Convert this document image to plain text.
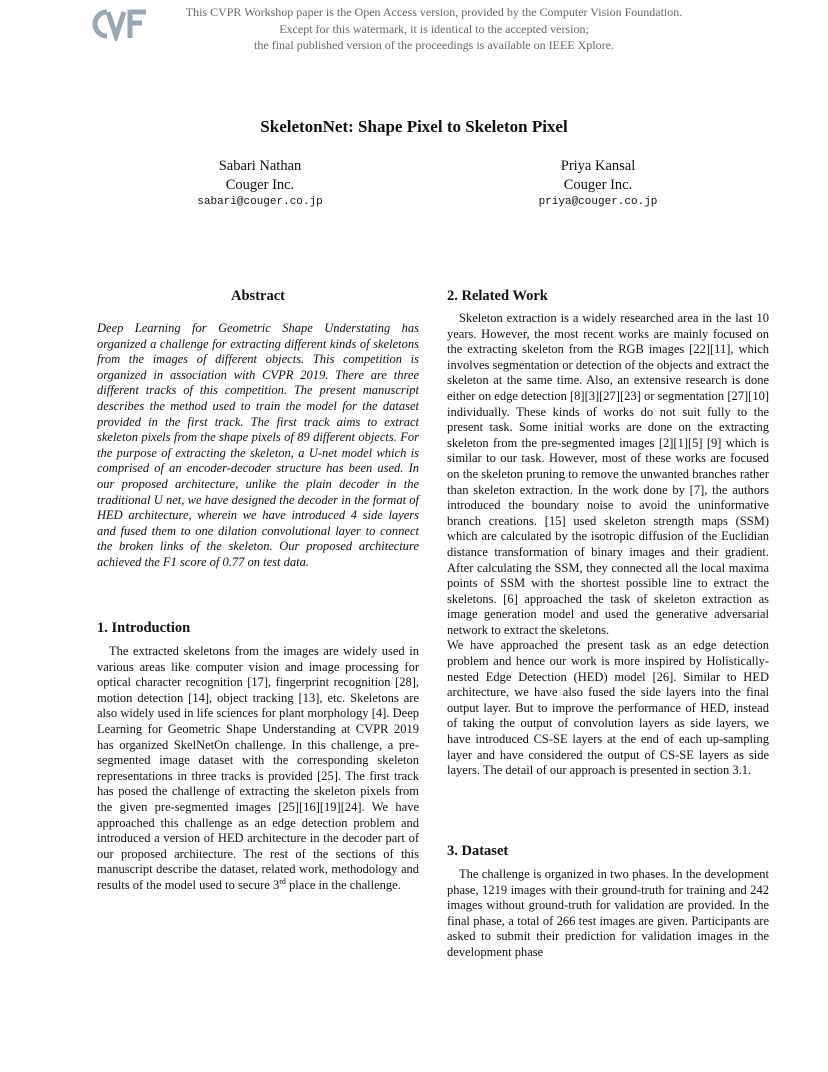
This CVPR Workshop paper is the Open Access version, provided by the Computer Vision Foundation.
Except for this watermark, it is identical to the accepted version;
the final published version of the proceedings is available on IEEE Xplore.
SkeletonNet: Shape Pixel to Skeleton Pixel
Sabari Nathan
Couger Inc.
sabari@couger.co.jp
Priya Kansal
Couger Inc.
priya@couger.co.jp
Abstract

Deep Learning for Geometric Shape Understating has organized a challenge for extracting different kinds of skeletons from the images of different objects. This competition is organized in association with CVPR 2019. There are three different tracks of this competition. The present manuscript describes the method used to train the model for the dataset provided in the first track. The first track aims to extract skeleton pixels from the shape pixels of 89 different objects. For the purpose of extracting the skeleton, a U-net model which is comprised of an encoder-decoder structure has been used. In our proposed architecture, unlike the plain decoder in the traditional U net, we have designed the decoder in the format of HED architecture, wherein we have introduced 4 side layers and fused them to one dilation convolutional layer to connect the broken links of the skeleton. Our proposed architecture achieved the F1 score of 0.77 on test data.

1. Introduction

The extracted skeletons from the images are widely used in various areas like computer vision and image processing for optical character recognition [17], fingerprint recognition [28], motion detection [14], object tracking [13], etc. Skeletons are also widely used in life sciences for plant morphology [4]. Deep Learning for Geometric Shape Understanding at CVPR 2019 has organized SkelNetOn challenge. In this challenge, a pre-segmented image dataset with the corresponding skeleton representations in three tracks is provided [25]. The first track has posed the challenge of extracting the skeleton pixels from the given pre-segmented images [25][16][19][24]. We have approached this challenge as an edge detection problem and introduced a version of HED architecture in the decoder part of our proposed architecture. The rest of the sections of this manuscript describe the dataset, related work, methodology and results of the model used to secure 3rd place in the challenge.

2. Related Work

Skeleton extraction is a widely researched area in the last 10 years. However, the most recent works are mainly focused on the extracting skeleton from the RGB images [22][11], which involves segmentation or detection of the objects and extract the skeleton at the same time. Also, an extensive research is done either on edge detection [8][3][27][23] or segmentation [27][10] individually. These kinds of works do not suit fully to the present task. Some initial works are done on the extracting skeleton from the pre-segmented images [2][1][5] [9] which is similar to our task. However, most of these works are focused on the skeleton pruning to remove the unwanted branches rather than skeleton extraction. In the work done by [7], the authors introduced the boundary noise to avoid the uninformative branch creations. [15] used skeleton strength maps (SSM) which are calculated by the isotropic diffusion of the Euclidian distance transformation of binary images and their gradient. After calculating the SSM, they connected all the local maxima points of SSM with the shortest possible line to extract the skeletons. [6] approached the task of skeleton extraction as image generation model and used the generative adversarial network to extract the skeletons.

We have approached the present task as an edge detection problem and hence our work is more inspired by Holistically-nested Edge Detection (HED) model [26]. Similar to HED architecture, we have also fused the side layers into the final output layer. But to improve the performance of HED, instead of taking the output of convolution layers as side layers, we have introduced CS-SE layers at the end of each up-sampling layer and have considered the output of CS-SE layers as side layers. The detail of our approach is presented in section 3.1.

3. Dataset

The challenge is organized in two phases. In the development phase, 1219 images with their ground-truth for training and 242 images without ground-truth for validation are provided. In the final phase, a total of 266 test images are given. Participants are asked to submit their prediction for validation images in the development phase
